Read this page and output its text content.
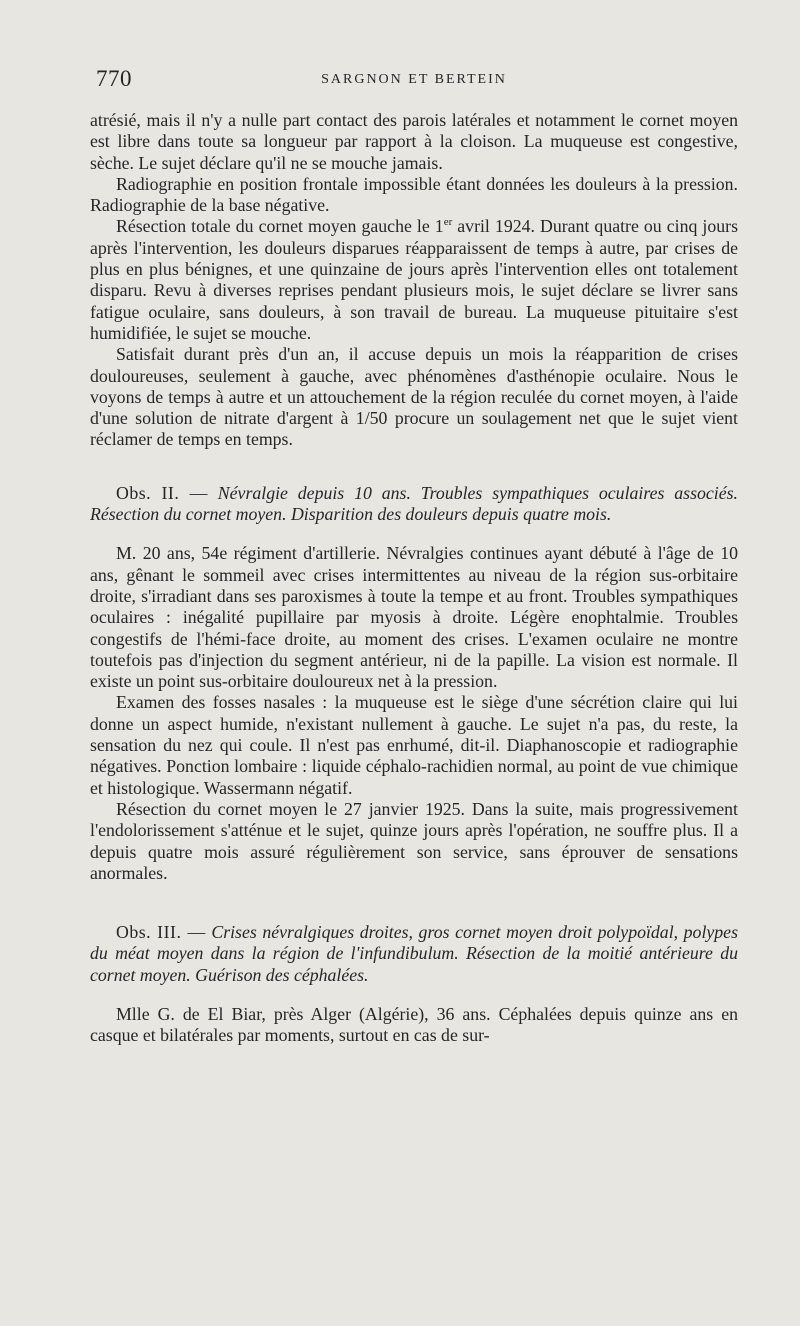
770	SARGNON ET BERTEIN

atrésié, mais il n'y a nulle part contact des parois latérales et notamment le cornet moyen est libre dans toute sa longueur par rapport à la cloison. La muqueuse est congestive, sèche. Le sujet déclare qu'il ne se mouche jamais.

Radiographie en position frontale impossible étant données les douleurs à la pression. Radiographie de la base négative.

Résection totale du cornet moyen gauche le 1er avril 1924. Durant quatre ou cinq jours après l'intervention, les douleurs disparues réapparaissent de temps à autre, par crises de plus en plus bénignes, et une quinzaine de jours après l'intervention elles ont totalement disparu. Revu à diverses reprises pendant plusieurs mois, le sujet déclare se livrer sans fatigue oculaire, sans douleurs, à son travail de bureau. La muqueuse pituitaire s'est humidifiée, le sujet se mouche.

Satisfait durant près d'un an, il accuse depuis un mois la réapparition de crises douloureuses, seulement à gauche, avec phénomènes d'asthénopie oculaire. Nous le voyons de temps à autre et un attouchement de la région reculée du cornet moyen, à l'aide d'une solution de nitrate d'argent à 1/50 procure un soulagement net que le sujet vient réclamer de temps en temps.

Obs. II. — Névralgie depuis 10 ans. Troubles sympathiques oculaires associés. Résection du cornet moyen. Disparition des douleurs depuis quatre mois.

M. 20 ans, 54e régiment d'artillerie. Névralgies continues ayant débuté à l'âge de 10 ans, gênant le sommeil avec crises intermittentes au niveau de la région sus-orbitaire droite, s'irradiant dans ses paroxismes à toute la tempe et au front. Troubles sympathiques oculaires : inégalité pupillaire par myosis à droite. Légère enophtalmie. Troubles congestifs de l'hémi-face droite, au moment des crises. L'examen oculaire ne montre toutefois pas d'injection du segment antérieur, ni de la papille. La vision est normale. Il existe un point sus-orbitaire douloureux net à la pression.

Examen des fosses nasales : la muqueuse est le siège d'une sécrétion claire qui lui donne un aspect humide, n'existant nullement à gauche. Le sujet n'a pas, du reste, la sensation du nez qui coule. Il n'est pas enrhumé, dit-il. Diaphanoscopie et radiographie négatives. Ponction lombaire : liquide céphalo-rachidien normal, au point de vue chimique et histologique. Wassermann négatif.

Résection du cornet moyen le 27 janvier 1925. Dans la suite, mais progressivement l'endolorissement s'atténue et le sujet, quinze jours après l'opération, ne souffre plus. Il a depuis quatre mois assuré régulièrement son service, sans éprouver de sensations anormales.

Obs. III. — Crises névralgiques droites, gros cornet moyen droit polypoïdal, polypes du méat moyen dans la région de l'infundibulum. Résection de la moitié antérieure du cornet moyen. Guérison des céphalées.

Mlle G. de El Biar, près Alger (Algérie), 36 ans. Céphalées depuis quinze ans en casque et bilatérales par moments, surtout en cas de sur-
